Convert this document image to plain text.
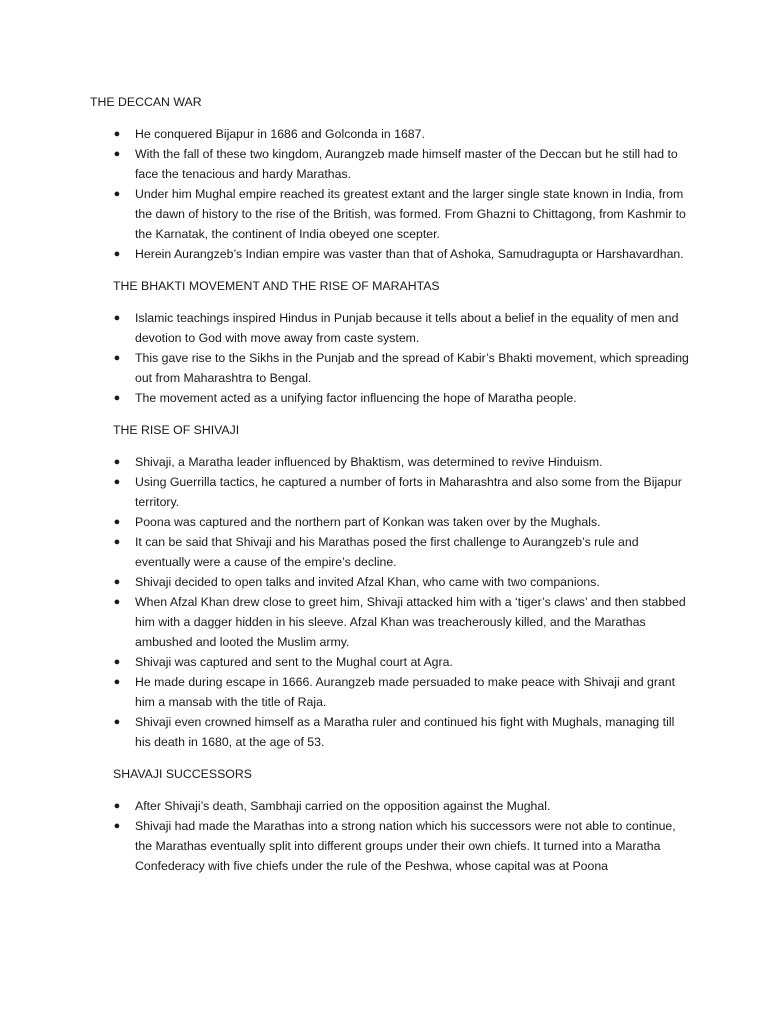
THE DECCAN WAR
● He conquered Bijapur in 1686 and Golconda in 1687.
● With the fall of these two kingdom, Aurangzeb made himself master of the Deccan but he still had to face the tenacious and hardy Marathas.
● Under him Mughal empire reached its greatest extant and the larger single state known in India, from the dawn of history to the rise of the British, was formed. From Ghazni to Chittagong, from Kashmir to the Karnatak, the continent of India obeyed one scepter.
● Herein Aurangzeb’s Indian empire was vaster than that of Ashoka, Samudragupta or Harshavardhan.
THE BHAKTI MOVEMENT AND THE RISE OF MARAHTAS
● Islamic teachings inspired Hindus in Punjab because it tells about a belief in the equality of men and devotion to God with move away from caste system.
● This gave rise to the Sikhs in the Punjab and the spread of Kabir’s Bhakti movement, which spreading out from Maharashtra to Bengal.
● The movement acted as a unifying factor influencing the hope of Maratha people.
THE RISE OF SHIVAJI
● Shivaji, a Maratha leader influenced by Bhaktism, was determined to revive Hinduism.
● Using Guerrilla tactics, he captured a number of forts in Maharashtra and also some from the Bijapur territory.
● Poona was captured and the northern part of Konkan was taken over by the Mughals.
● It can be said that Shivaji and his Marathas posed the first challenge to Aurangzeb’s rule and eventually were a cause of the empire’s decline.
● Shivaji decided to open talks and invited Afzal Khan, who came with two companions.
● When Afzal Khan drew close to greet him, Shivaji attacked him with a ‘tiger’s claws’ and then stabbed him with a dagger hidden in his sleeve. Afzal Khan was treacherously killed, and the Marathas ambushed and looted the Muslim army.
● Shivaji was captured and sent to the Mughal court at Agra.
● He made during escape in 1666. Aurangzeb made persuaded to make peace with Shivaji and grant him a mansab with the title of Raja.
● Shivaji even crowned himself as a Maratha ruler and continued his fight with Mughals, managing till his death in 1680, at the age of 53.
SHAVAJI SUCCESSORS
● After Shivaji’s death, Sambhaji carried on the opposition against the Mughal.
● Shivaji had made the Marathas into a strong nation which his successors were not able to continue, the Marathas eventually split into different groups under their own chiefs. It turned into a Maratha Confederacy with five chiefs under the rule of the Peshwa, whose capital was at Poona
